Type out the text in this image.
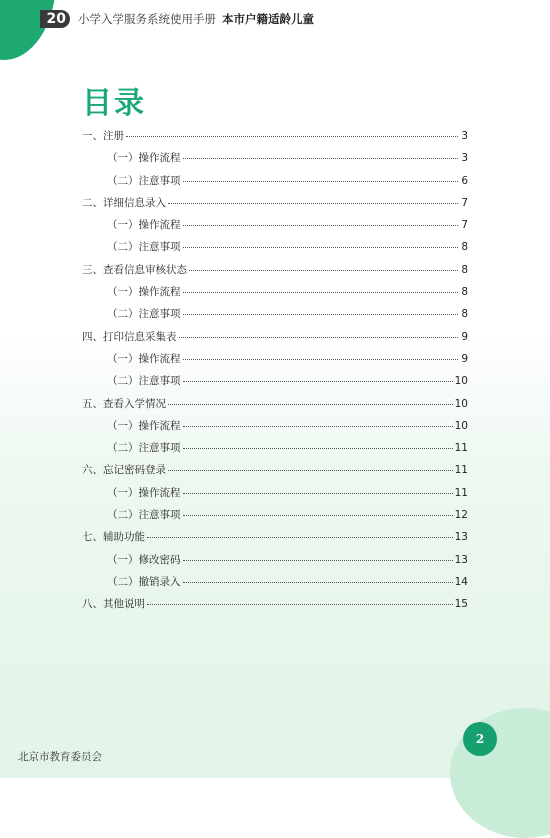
20	小学入学服务系统使用手册 本市户籍适龄儿童
目录
一、注册	3
（一）操作流程	3
（二）注意事项	6
二、详细信息录入	7
（一）操作流程	7
（二）注意事项	8
三、查看信息审核状态	8
（一）操作流程	8
（二）注意事项	8
四、打印信息采集表	9
（一）操作流程	9
（二）注意事项	10
五、查看入学情况	10
（一）操作流程	10
（二）注意事项	11
六、忘记密码登录	11
（一）操作流程	11
（二）注意事项	12
七、辅助功能	13
（一）修改密码	13
（二）撤销录入	14
八、其他说明	15
2
北京市教育委员会
